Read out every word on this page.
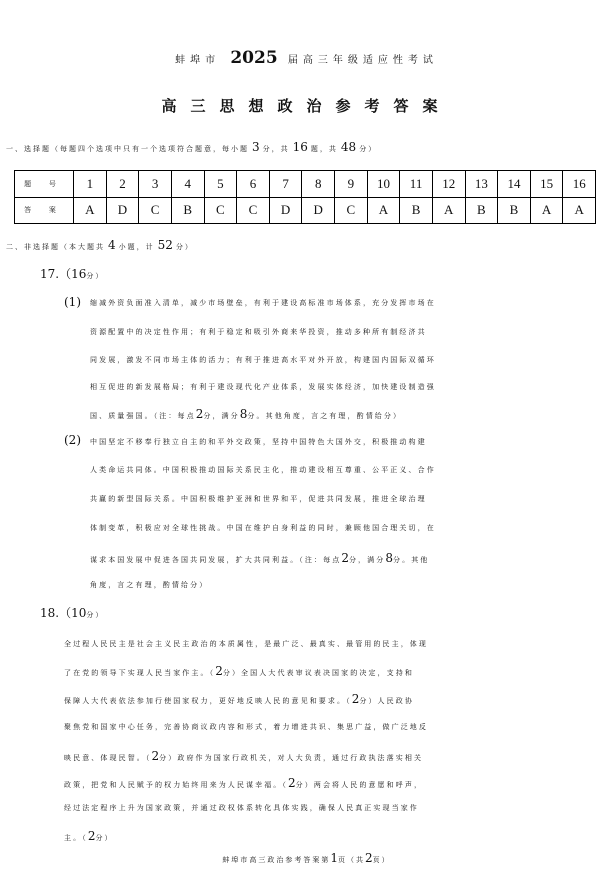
蚌埠市 2025 届高三年级适应性考试
高三思想政治参考答案
一、选择题（每题四个选项中只有一个选项符合题意，每小题 3 分，共 16 题，共 48 分）
题 号	1	2	3	4	5	6	7	8	9	10	11	12	13	14	15	16
答 案	A	D	C	B	C	C	D	D	C	A	B	A	B	B	A	A
二、非选择题（本大题共 4 小题，计 52 分）
17.（16分）
(1) 缩减外资负面准入清单，减少市场壁垒，有利于建设高标准市场体系，充分发挥市场在
资源配置中的决定性作用；有利于稳定和吸引外商来华投资，推动多种所有制经济共
同发展，激发不同市场主体的活力；有利于推进高水平对外开放，构建国内国际双循环
相互促进的新发展格局；有利于建设现代化产业体系，发展实体经济，加快建设制造强
国、质量强国。（注：每点2分，满分8分。其他角度，言之有理，酌情给分）
(2) 中国坚定不移奉行独立自主的和平外交政策，坚持中国特色大国外交，积极推动构建
人类命运共同体。中国积极推动国际关系民主化，推动建设相互尊重、公平正义、合作
共赢的新型国际关系。中国积极维护亚洲和世界和平，促进共同发展，推进全球治理
体制变革，积极应对全球性挑战。中国在维护自身利益的同时，兼顾他国合理关切，在
谋求本国发展中促进各国共同发展，扩大共同利益。（注：每点2分，满分8分。其他
角度，言之有理，酌情给分）
18.（10分）
全过程人民民主是社会主义民主政治的本质属性，是最广泛、最真实、最管用的民主，体现
了在党的领导下实现人民当家作主。（2分）全国人大代表审议表决国家的决定，支持和
保障人大代表依法参加行使国家权力，更好地反映人民的意见和要求。（2分）人民政协
聚焦党和国家中心任务，完善协商议政内容和形式，着力增进共识、集思广益，做广泛地反
映民意、体现民智。（2分）政府作为国家行政机关，对人大负责，通过行政执法落实相关
政策，把党和人民赋予的权力始终用来为人民谋幸福。（2分）两会将人民的意愿和呼声，
经过法定程序上升为国家政策，并通过政权体系转化具体实践，确保人民真正实现当家作
主。（2分）
蚌埠市高三政治参考答案第1页（共2页）
